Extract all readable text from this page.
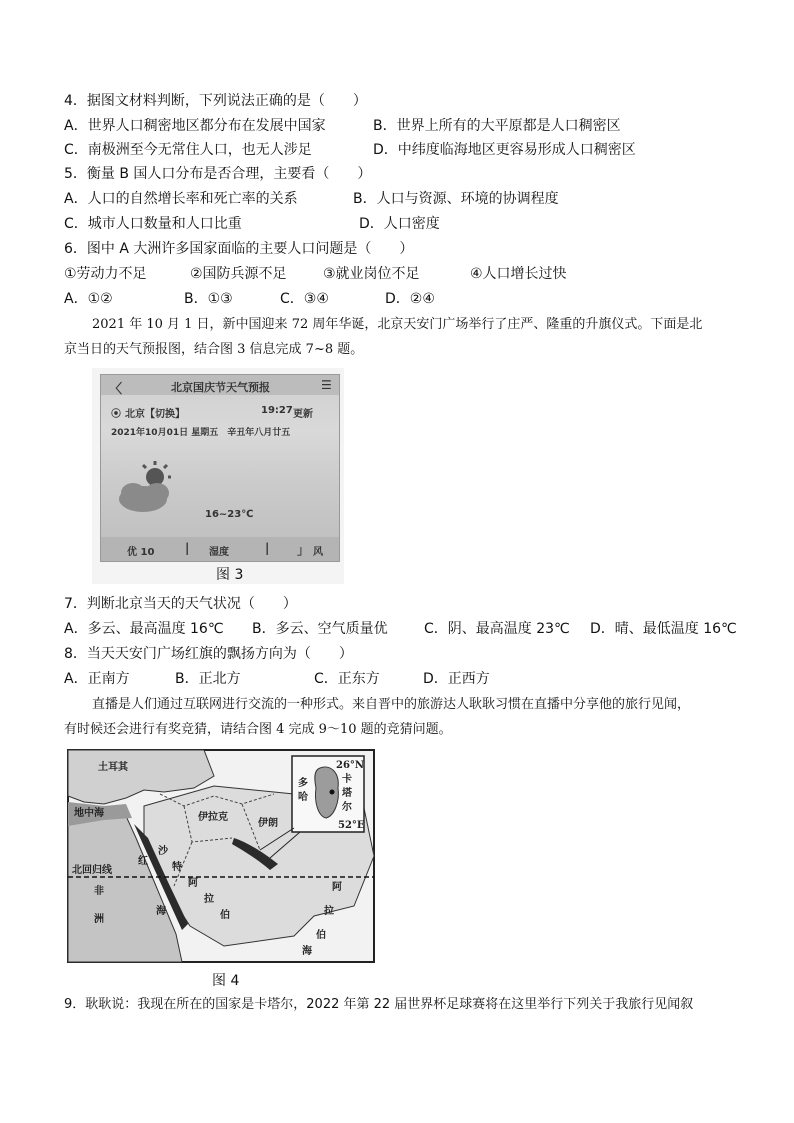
4．据图文材料判断，下列说法正确的是（　　）
A．世界人口稠密地区都分布在发展中国家	B．世界上所有的大平原都是人口稠密区
C．南极洲至今无常住人口，也无人涉足	D．中纬度临海地区更容易形成人口稠密区
5．衡量 B 国人口分布是否合理，主要看（　　）
A．人口的自然增长率和死亡率的关系	B．人口与资源、环境的协调程度
C．城市人口数量和人口比重	D．人口密度
6．图中 A 大洲许多国家面临的主要人口问题是（　　）
①劳动力不足	②国防兵源不足	③就业岗位不足	④人口增长过快
A．①②	B．①③	C．③④	D．②④
2021 年 10 月 1 日，新中国迎来 72 周年华诞，北京天安门广场举行了庄严、隆重的升旗仪式。下面是北
京当日的天气预报图，结合图 3 信息完成 7~8 题。
〈	北京国庆节天气预报	☰
⦿ 北京【切换】	19:27 更新
2021年10月01日 星期五　辛丑年八月廿五
16~23℃
优 10	| 湿度	| 」 风
图 3
7．判断北京当天的天气状况（　　）
A．多云、最高温度 16℃ B．多云、空气质量优	C．阴、最高温度 23℃ D．晴、最低温度 16℃
8．当天天安门广场红旗的飘扬方向为（　　）
A．正南方	B．正北方	C．正东方	D．正西方
直播是人们通过互联网进行交流的一种形式。来自晋中的旅游达人耿耿习惯在直播中分享他的旅行见闻，
有时候还会进行有奖竞猜，请结合图 4 完成 9～10 题的竞猜问题。
土耳其
地中海	伊拉克
伊朗
沙
特
阿
拉
伯
红
海
阿
拉
伯
海
非
洲
北回归线
26°N
52°E
卡
塔
尔
多
哈
图 4
9．耿耿说：我现在所在的国家是卡塔尔，2022 年第 22 届世界杯足球赛将在这里举行下列关于我旅行见闻叙
